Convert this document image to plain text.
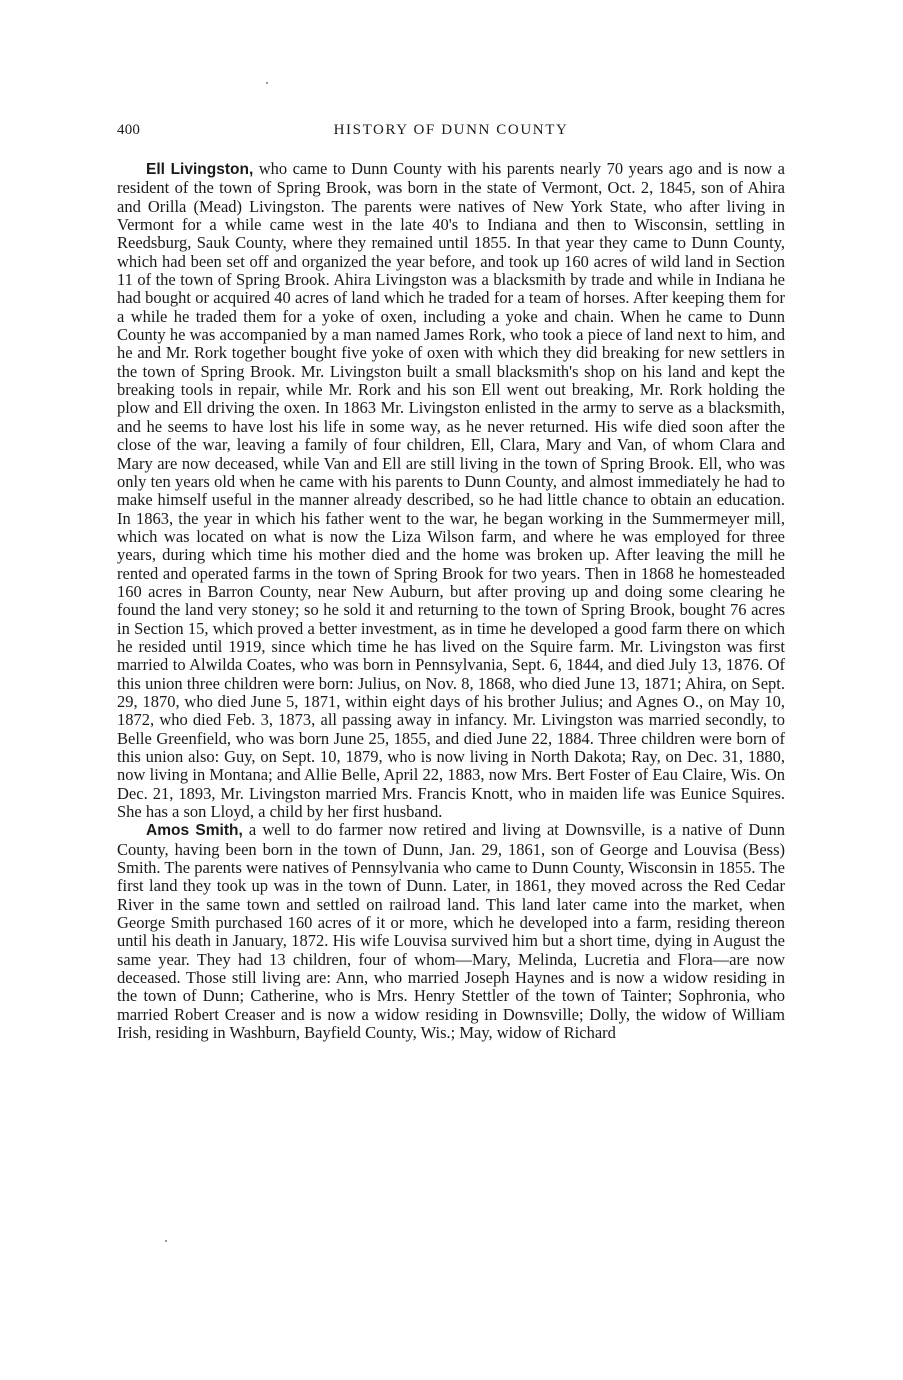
400	HISTORY OF DUNN COUNTY

Ell Livingston, who came to Dunn County with his parents nearly 70 years ago and is now a resident of the town of Spring Brook, was born in the state of Vermont, Oct. 2, 1845, son of Ahira and Orilla (Mead) Livingston. The parents were natives of New York State, who after living in Vermont for a while came west in the late 40's to Indiana and then to Wisconsin, settling in Reedsburg, Sauk County, where they remained until 1855. In that year they came to Dunn County, which had been set off and organized the year before, and took up 160 acres of wild land in Section 11 of the town of Spring Brook. Ahira Livingston was a blacksmith by trade and while in Indiana he had bought or acquired 40 acres of land which he traded for a team of horses. After keeping them for a while he traded them for a yoke of oxen, including a yoke and chain. When he came to Dunn County he was accompanied by a man named James Rork, who took a piece of land next to him, and he and Mr. Rork together bought five yoke of oxen with which they did breaking for new settlers in the town of Spring Brook. Mr. Livingston built a small blacksmith's shop on his land and kept the breaking tools in repair, while Mr. Rork and his son Ell went out breaking, Mr. Rork holding the plow and Ell driving the oxen. In 1863 Mr. Livingston enlisted in the army to serve as a blacksmith, and he seems to have lost his life in some way, as he never returned. His wife died soon after the close of the war, leaving a family of four children, Ell, Clara, Mary and Van, of whom Clara and Mary are now deceased, while Van and Ell are still living in the town of Spring Brook. Ell, who was only ten years old when he came with his parents to Dunn County, and almost immediately he had to make himself useful in the manner already described, so he had little chance to obtain an education. In 1863, the year in which his father went to the war, he began working in the Summermeyer mill, which was located on what is now the Liza Wilson farm, and where he was employed for three years, during which time his mother died and the home was broken up. After leaving the mill he rented and operated farms in the town of Spring Brook for two years. Then in 1868 he homesteaded 160 acres in Barron County, near New Auburn, but after proving up and doing some clearing he found the land very stoney; so he sold it and returning to the town of Spring Brook, bought 76 acres in Section 15, which proved a better investment, as in time he developed a good farm there on which he resided until 1919, since which time he has lived on the Squire farm. Mr. Livingston was first married to Alwilda Coates, who was born in Pennsylvania, Sept. 6, 1844, and died July 13, 1876. Of this union three children were born: Julius, on Nov. 8, 1868, who died June 13, 1871; Ahira, on Sept. 29, 1870, who died June 5, 1871, within eight days of his brother Julius; and Agnes O., on May 10, 1872, who died Feb. 3, 1873, all passing away in infancy. Mr. Livingston was married secondly, to Belle Greenfield, who was born June 25, 1855, and died June 22, 1884. Three children were born of this union also: Guy, on Sept. 10, 1879, who is now living in North Dakota; Ray, on Dec. 31, 1880, now living in Montana; and Allie Belle, April 22, 1883, now Mrs. Bert Foster of Eau Claire, Wis. On Dec. 21, 1893, Mr. Livingston married Mrs. Francis Knott, who in maiden life was Eunice Squires. She has a son Lloyd, a child by her first husband.

Amos Smith, a well to do farmer now retired and living at Downsville, is a native of Dunn County, having been born in the town of Dunn, Jan. 29, 1861, son of George and Louvisa (Bess) Smith. The parents were natives of Pennsylvania who came to Dunn County, Wisconsin in 1855. The first land they took up was in the town of Dunn. Later, in 1861, they moved across the Red Cedar River in the same town and settled on railroad land. This land later came into the market, when George Smith purchased 160 acres of it or more, which he developed into a farm, residing thereon until his death in January, 1872. His wife Louvisa survived him but a short time, dying in August the same year. They had 13 children, four of whom—Mary, Melinda, Lucretia and Flora—are now deceased. Those still living are: Ann, who married Joseph Haynes and is now a widow residing in the town of Dunn; Catherine, who is Mrs. Henry Stettler of the town of Tainter; Sophronia, who married Robert Creaser and is now a widow residing in Downsville; Dolly, the widow of William Irish, residing in Washburn, Bayfield County, Wis.; May, widow of Richard
